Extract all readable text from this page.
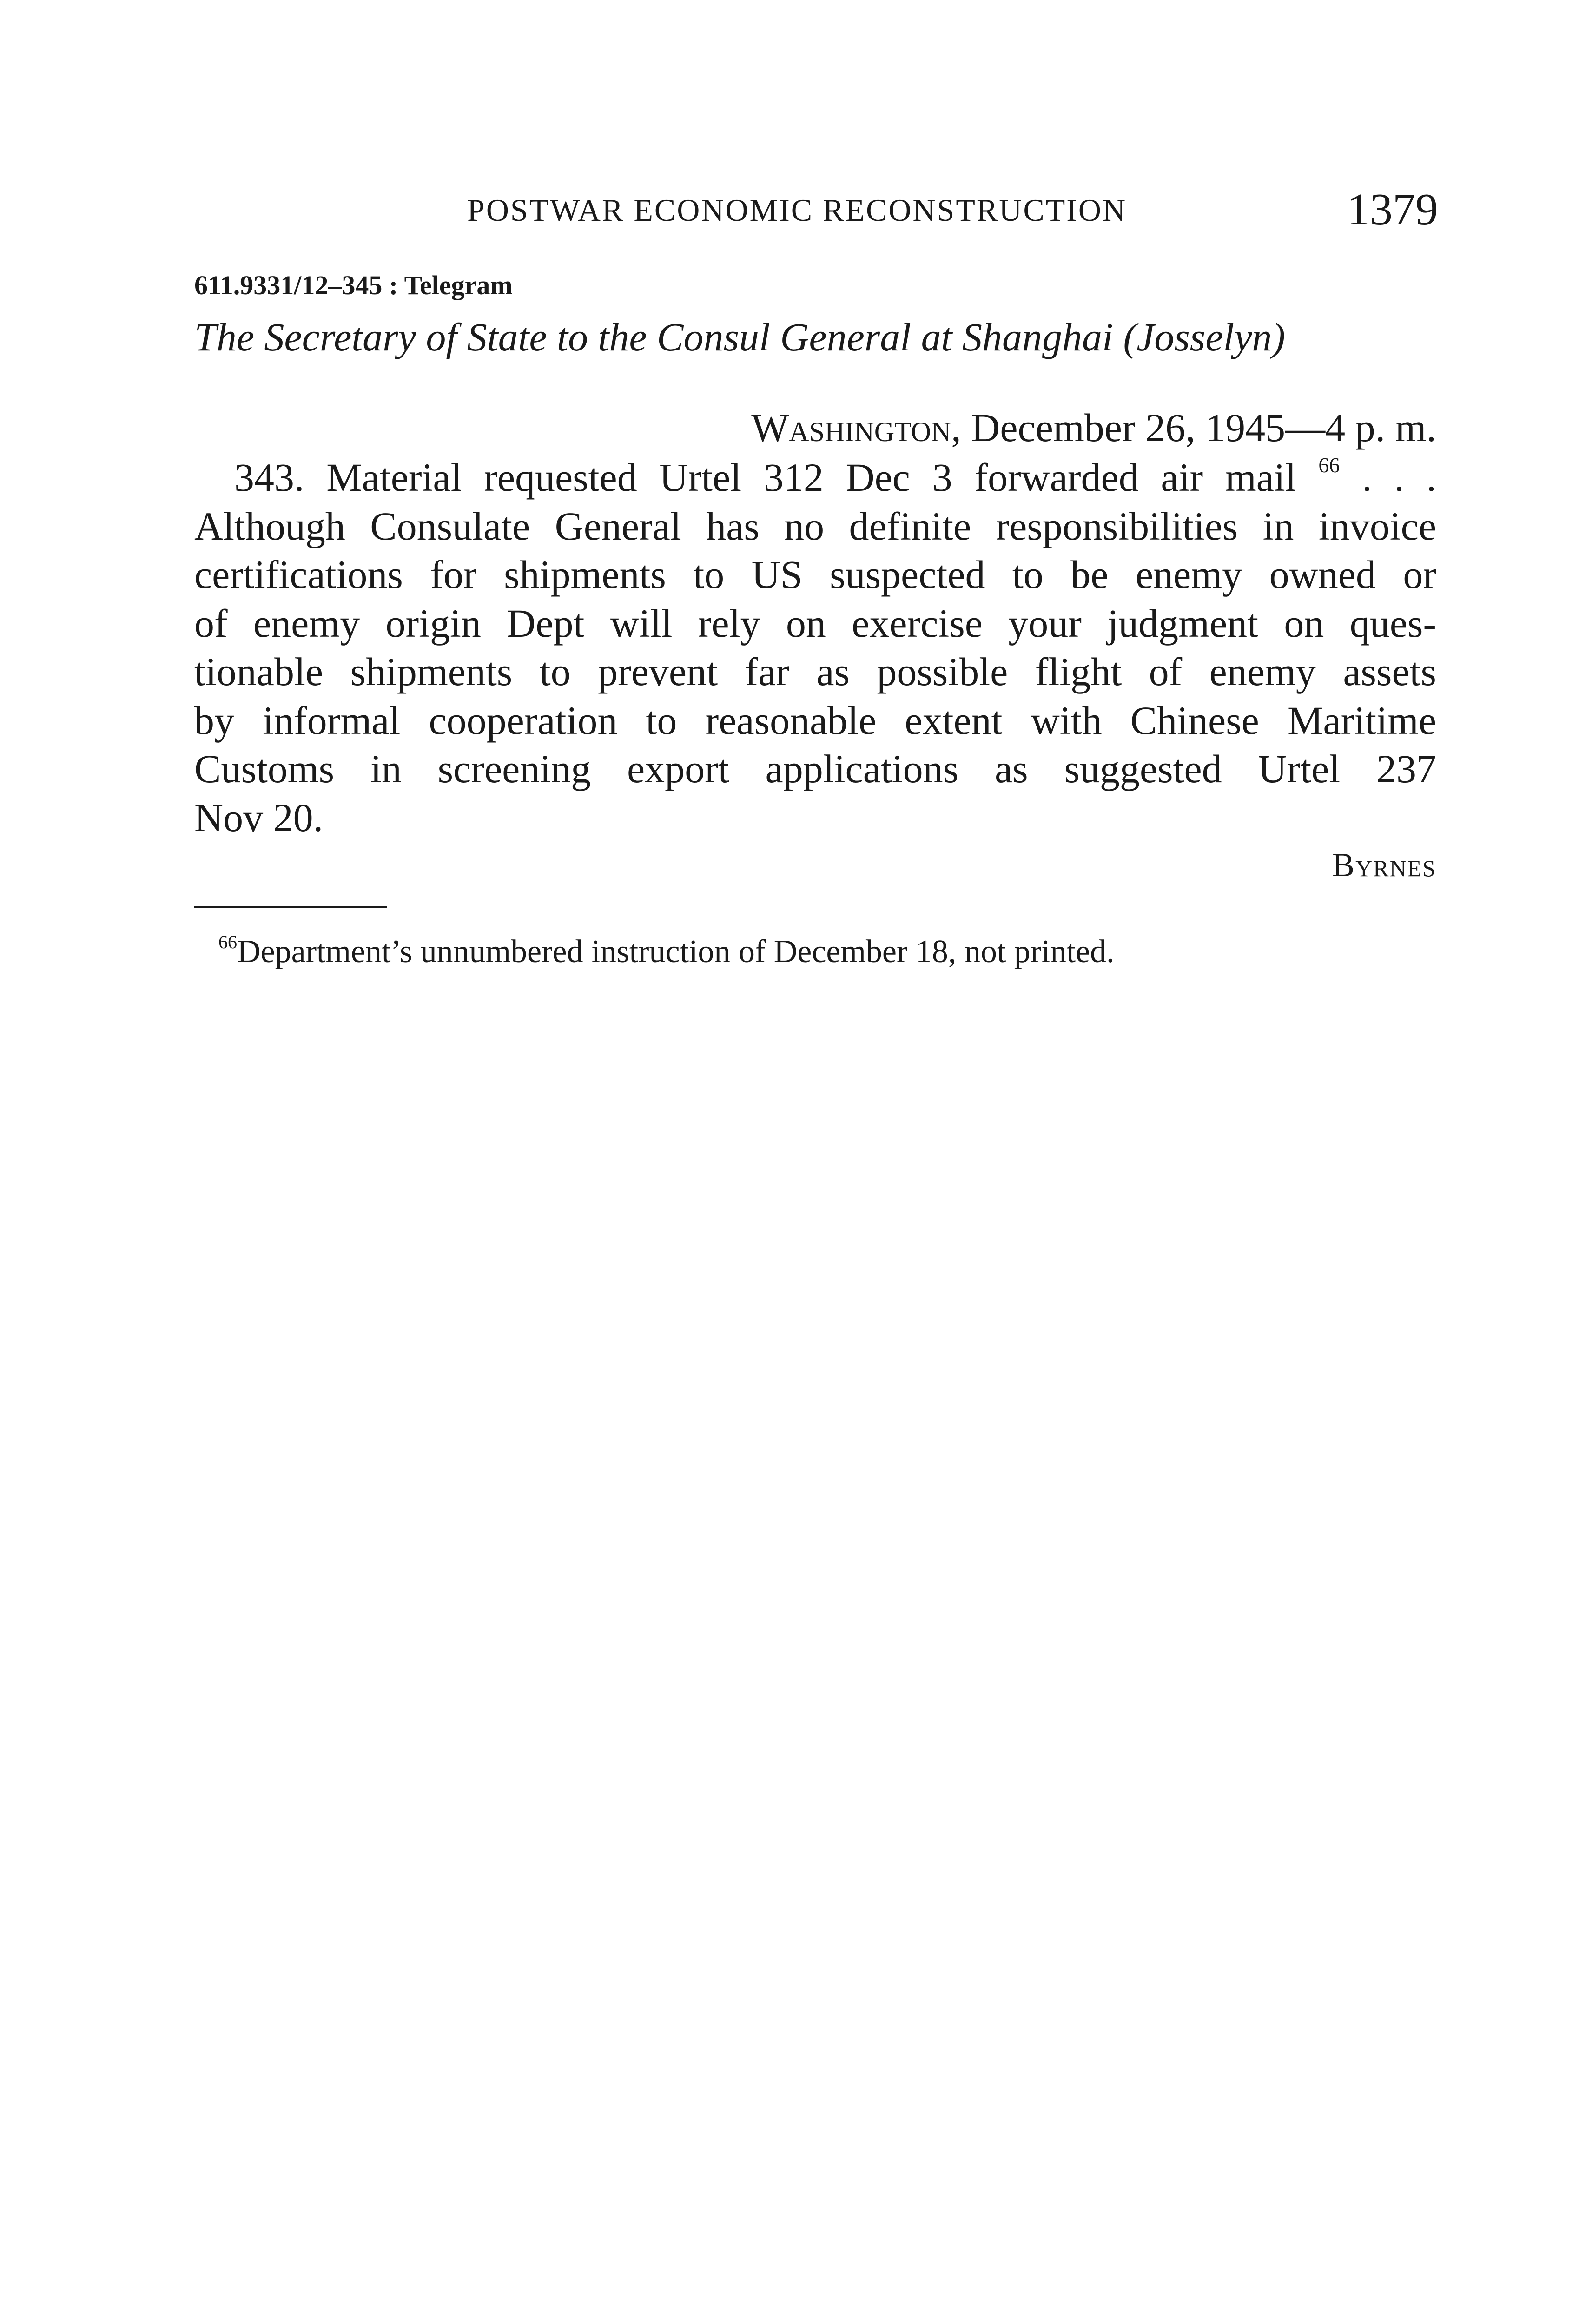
POSTWAR ECONOMIC RECONSTRUCTION	1379
611.9331/12–345 : Telegram
The Secretary of State to the Consul General at Shanghai (Josselyn)
Washington, December 26, 1945—4 p. m.
343. Material requested Urtel 312 Dec 3 forwarded air mail $^{66}$ . . .
Although Consulate General has no definite responsibilities in invoice
certifications for shipments to US suspected to be enemy owned or
of enemy origin Dept will rely on exercise your judgment on ques-
tionable shipments to prevent far as possible flight of enemy assets
by informal cooperation to reasonable extent with Chinese Maritime
Customs in screening export applications as suggested Urtel 237
Nov 20.
Byrnes
$^{66}$Department’s unnumbered instruction of December 18, not printed.
